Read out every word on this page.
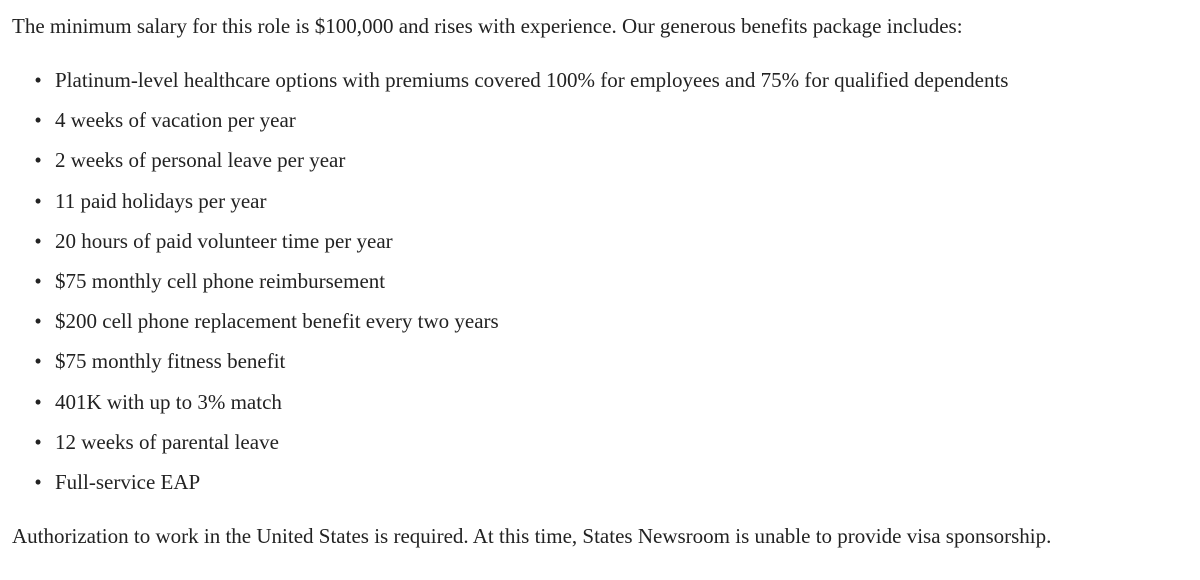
The minimum salary for this role is $100,000 and rises with experience. Our generous benefits package includes:

• Platinum-level healthcare options with premiums covered 100% for employees and 75% for qualified dependents
• 4 weeks of vacation per year
• 2 weeks of personal leave per year
• 11 paid holidays per year
• 20 hours of paid volunteer time per year
• $75 monthly cell phone reimbursement
• $200 cell phone replacement benefit every two years
• $75 monthly fitness benefit
• 401K with up to 3% match
• 12 weeks of parental leave
• Full-service EAP

Authorization to work in the United States is required. At this time, States Newsroom is unable to provide visa sponsorship.
